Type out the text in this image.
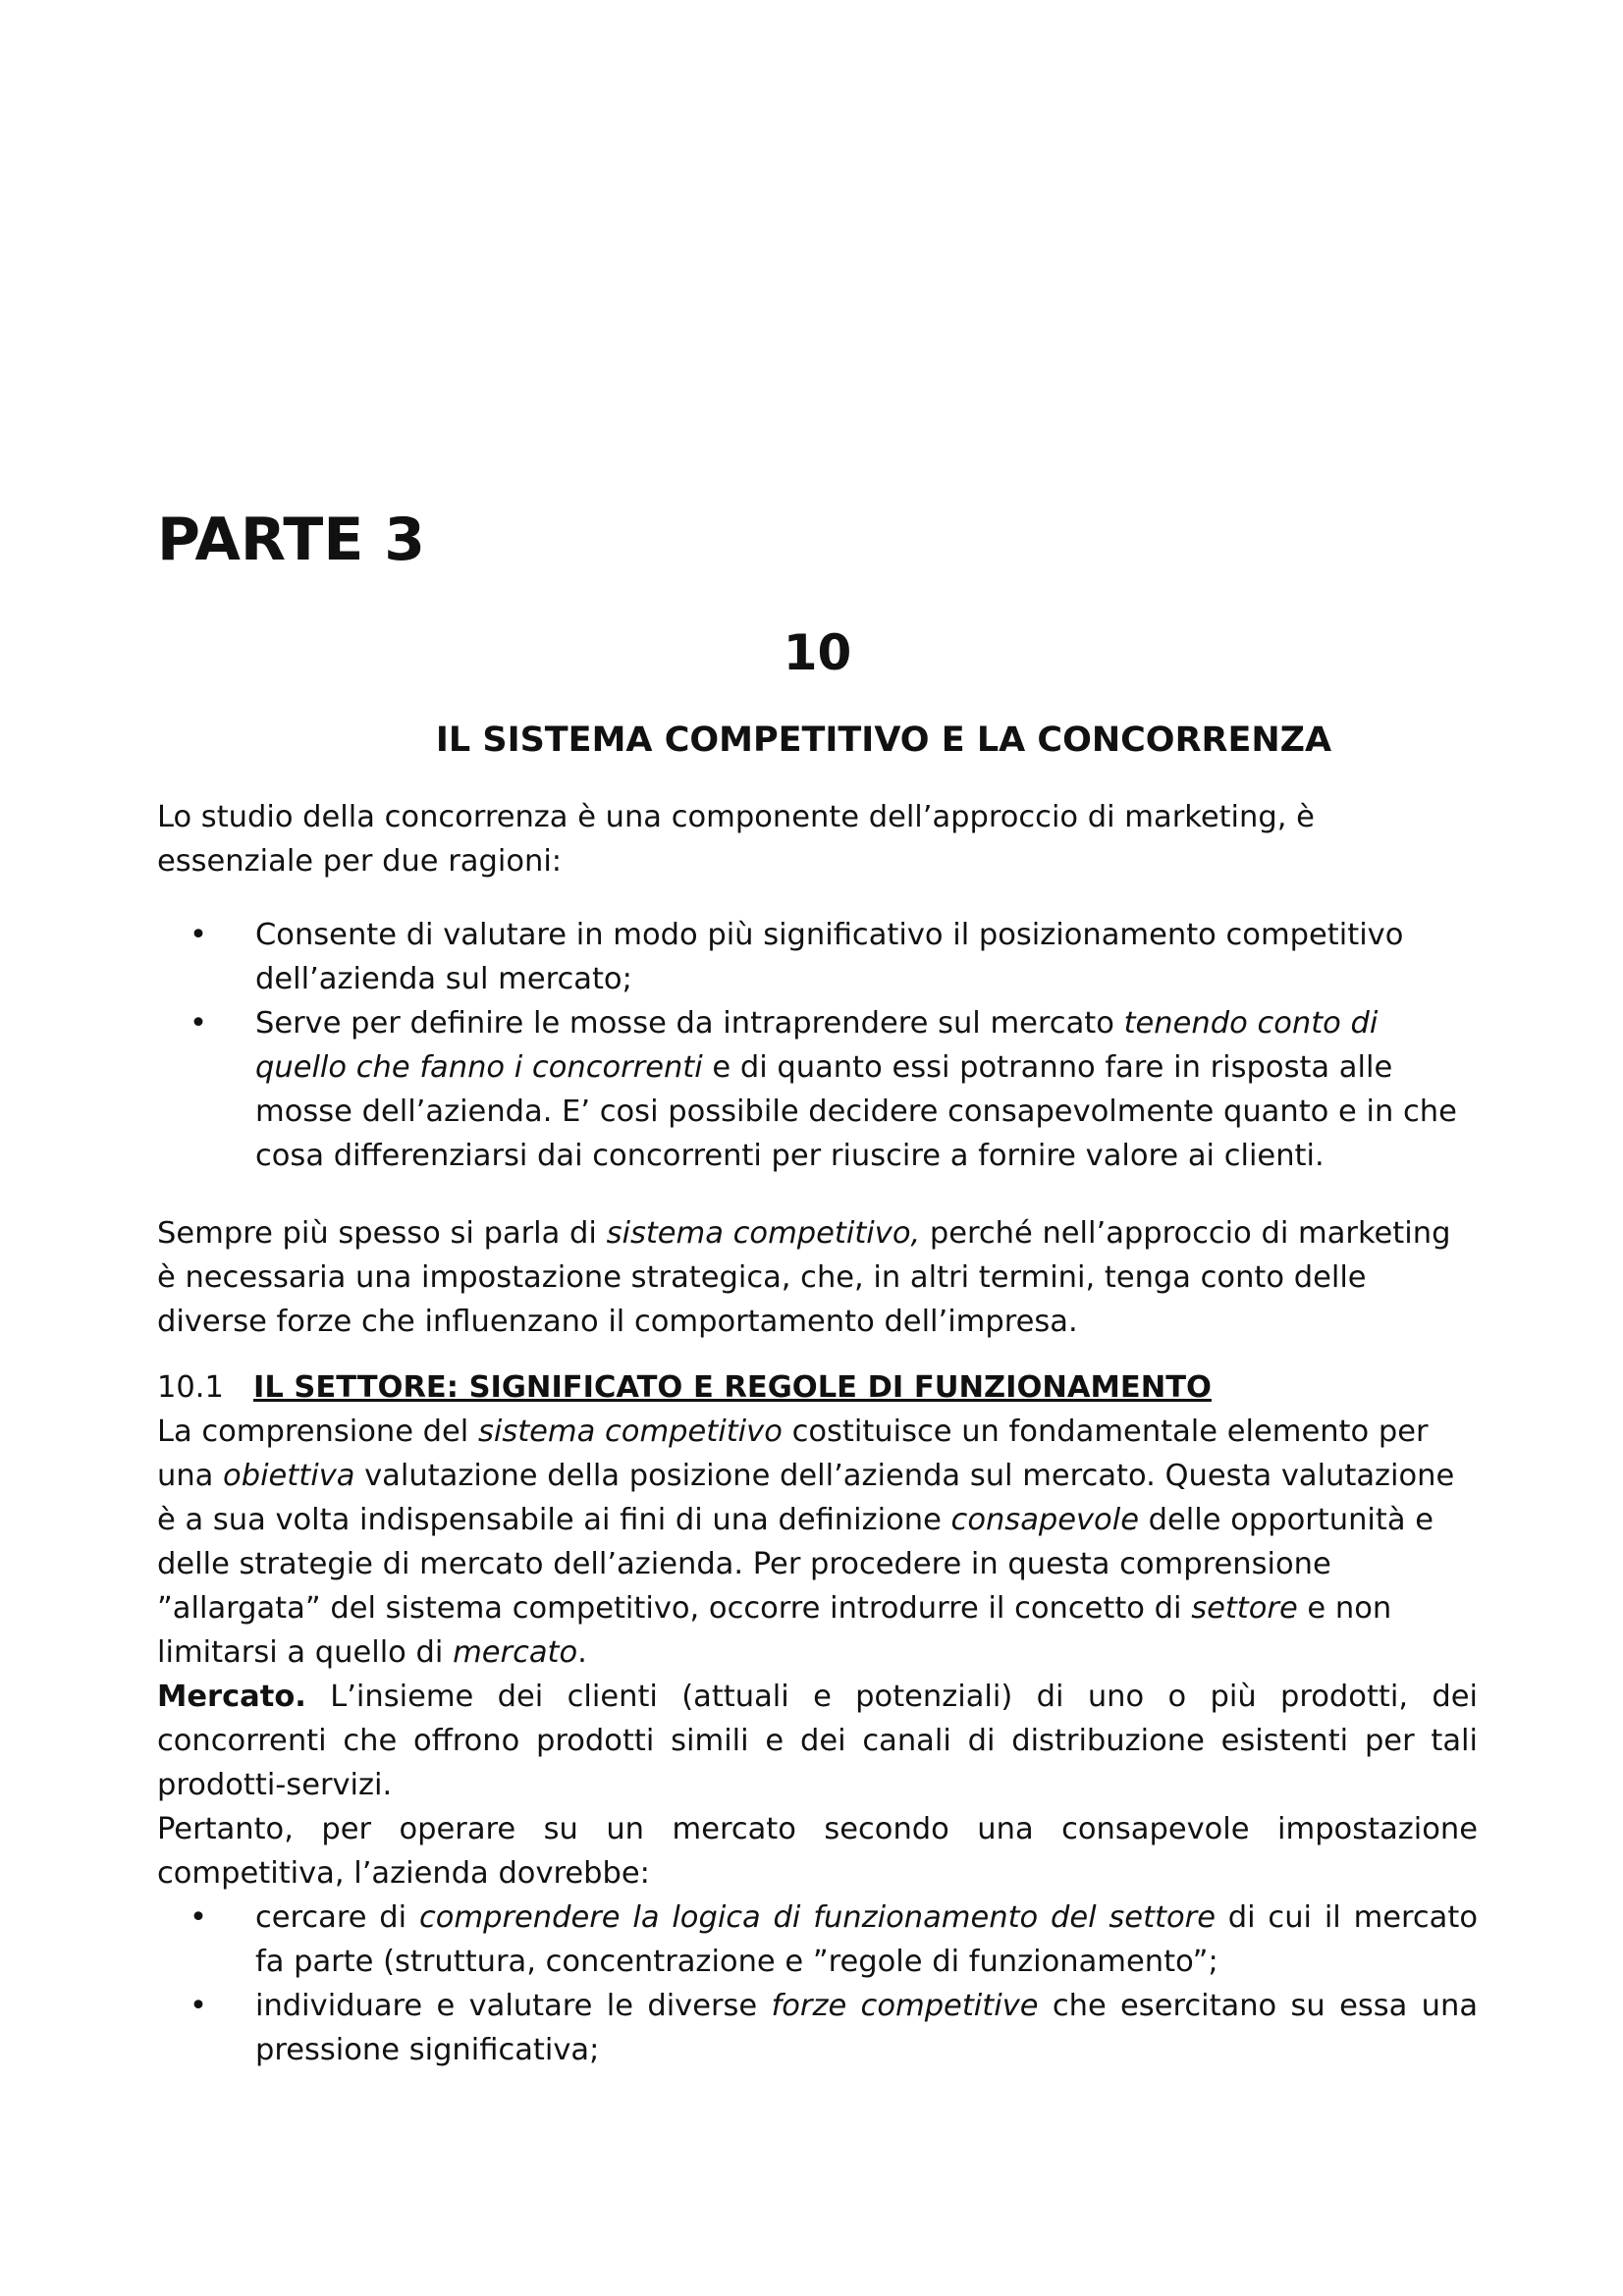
PARTE 3
10
IL SISTEMA COMPETITIVO E LA CONCORRENZA

Lo studio della concorrenza è una componente dell’approccio di marketing, è essenziale per due ragioni:

• Consente di valutare in modo più significativo il posizionamento competitivo dell’azienda sul mercato;
• Serve per definire le mosse da intraprendere sul mercato tenendo conto di quello che fanno i concorrenti e di quanto essi potranno fare in risposta alle mosse dell’azienda. E’ cosi possibile decidere consapevolmente quanto e in che cosa differenziarsi dai concorrenti per riuscire a fornire valore ai clienti.

Sempre più spesso si parla di sistema competitivo, perché nell’approccio di marketing è necessaria una impostazione strategica, che, in altri termini, tenga conto delle diverse forze che influenzano il comportamento dell’impresa.

10.1 IL SETTORE: SIGNIFICATO E REGOLE DI FUNZIONAMENTO

La comprensione del sistema competitivo costituisce un fondamentale elemento per una obiettiva valutazione della posizione dell’azienda sul mercato. Questa valutazione è a sua volta indispensabile ai fini di una definizione consapevole delle opportunità e delle strategie di mercato dell’azienda. Per procedere in questa comprensione ”allargata” del sistema competitivo, occorre introdurre il concetto di settore e non limitarsi a quello di mercato.

Mercato. L’insieme dei clienti (attuali e potenziali) di uno o più prodotti, dei concorrenti che offrono prodotti simili e dei canali di distribuzione esistenti per tali prodotti-servizi.

Pertanto, per operare su un mercato secondo una consapevole impostazione competitiva, l’azienda dovrebbe:

• cercare di comprendere la logica di funzionamento del settore di cui il mercato fa parte (struttura, concentrazione e ”regole di funzionamento”;
• individuare e valutare le diverse forze competitive che esercitano su essa una pressione significativa;
